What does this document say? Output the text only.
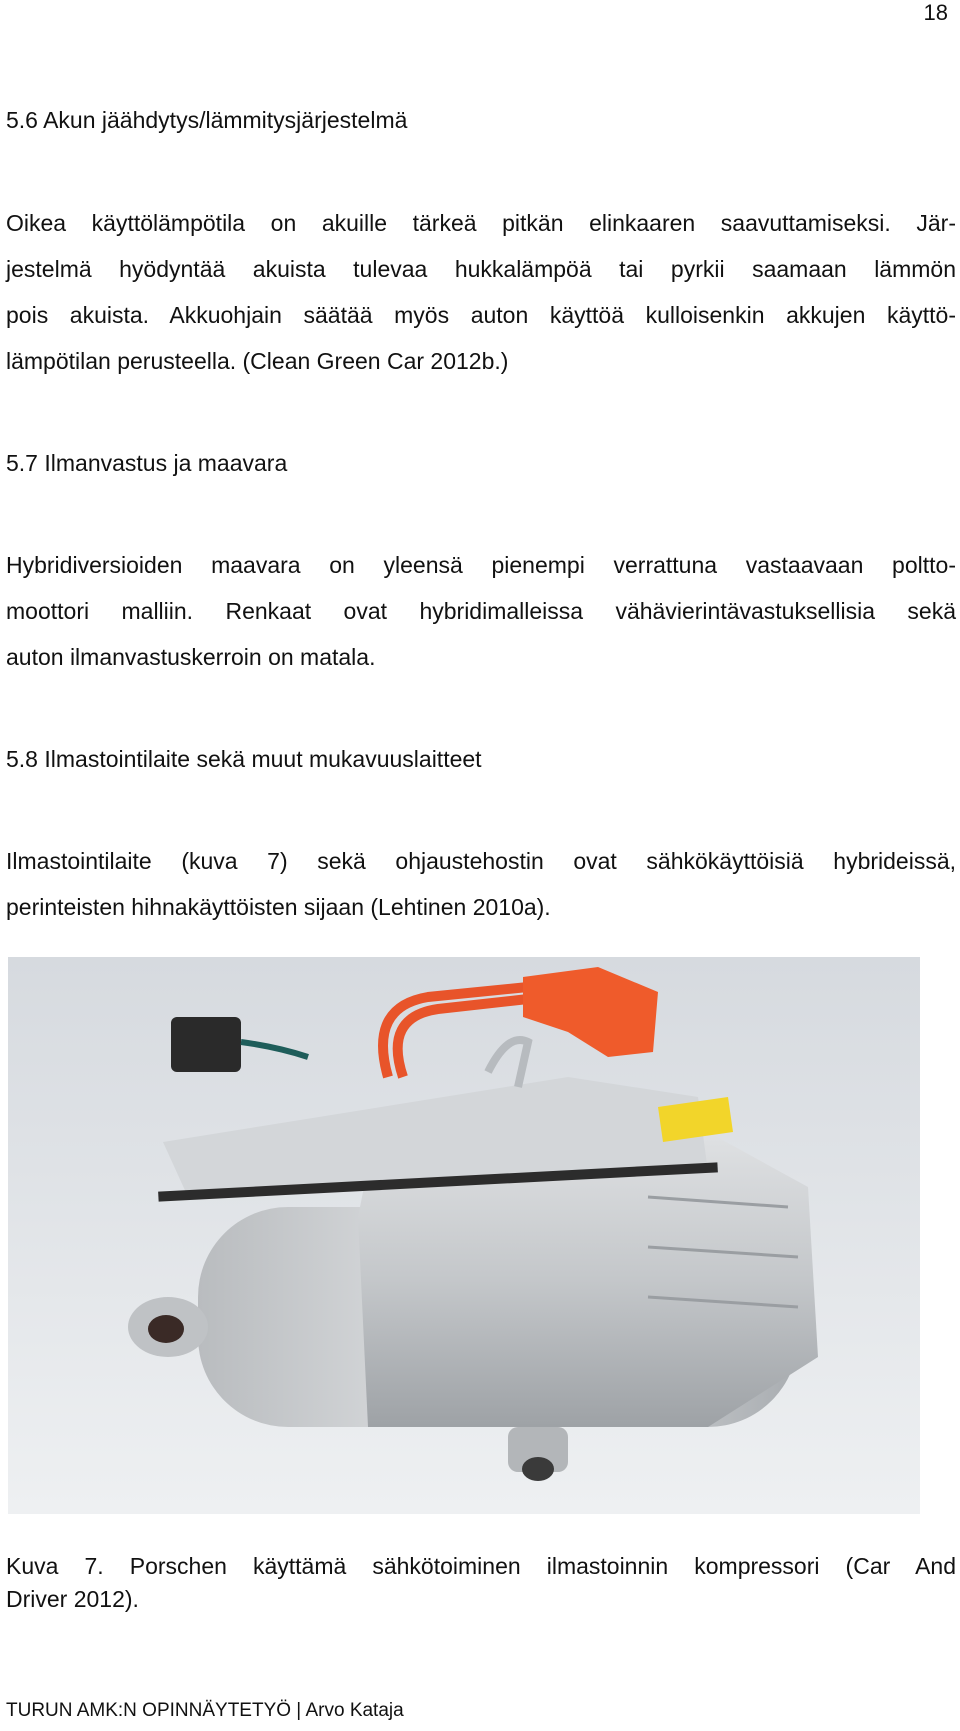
18
5.6 Akun jäähdytys/lämmitysjärjestelmä
Oikea käyttölämpötila on akuille tärkeä pitkän elinkaaren saavuttamiseksi. Jär-
jestelmä hyödyntää akuista tulevaa hukkalämpöä tai pyrkii saamaan lämmön
pois akuista. Akkuohjain säätää myös auton käyttöä kulloisenkin akkujen käyttö-
lämpötilan perusteella. (Clean Green Car 2012b.)
5.7 Ilmanvastus ja maavara
Hybridiversioiden maavara on yleensä pienempi verrattuna vastaavaan poltto-
moottori malliin. Renkaat ovat hybridimalleissa vähävierintävastuksellisia sekä
auton ilmanvastuskerroin on matala.
5.8 Ilmastointilaite sekä muut mukavuuslaitteet
Ilmastointilaite (kuva 7) sekä ohjaustehostin ovat sähkökäyttöisiä hybrideissä,
perinteisten hihnakäyttöisten sijaan (Lehtinen 2010a).
Kuva 7. Porschen käyttämä sähkötoiminen ilmastoinnin kompressori (Car And
Driver 2012).
TURUN AMK:N OPINNÄYTETYÖ | Arvo Kataja
